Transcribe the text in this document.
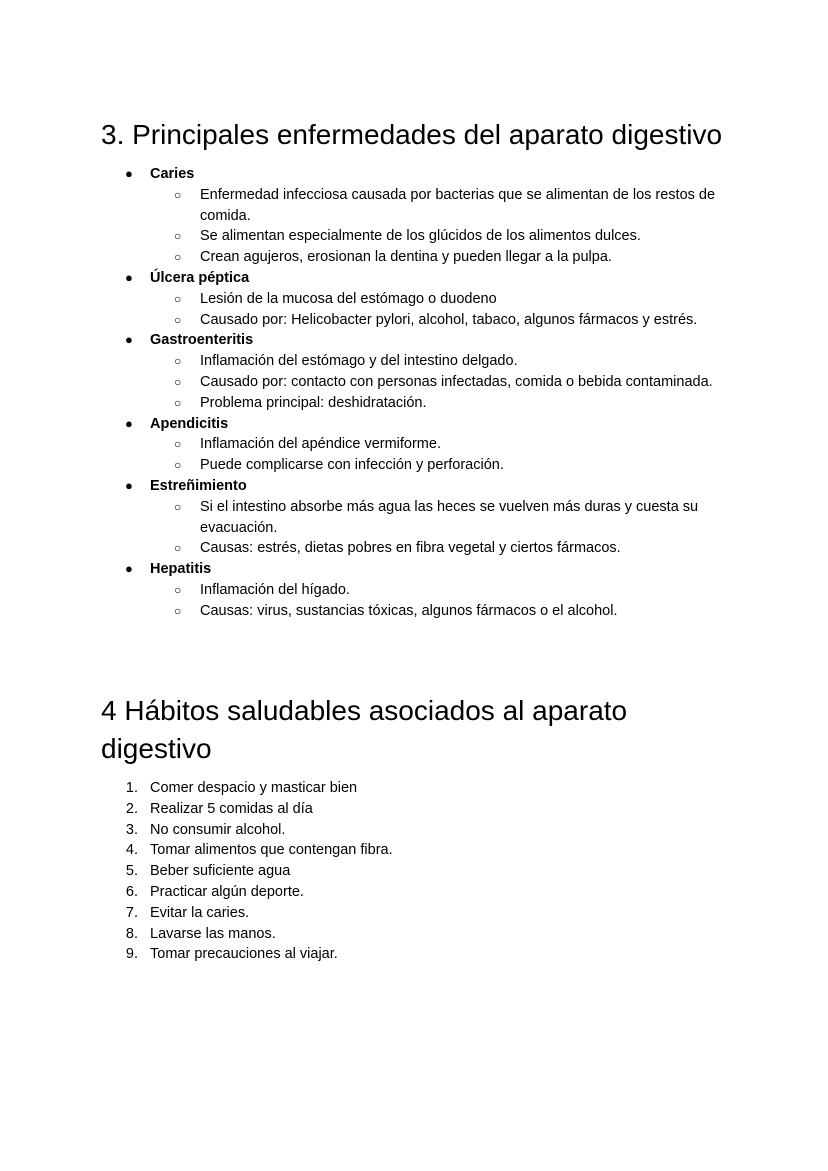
3. Principales enfermedades del aparato digestivo
● Caries
○ Enfermedad infecciosa causada por bacterias que se alimentan de los restos de comida.
○ Se alimentan especialmente de los glúcidos de los alimentos dulces.
○ Crean agujeros, erosionan la dentina y pueden llegar a la pulpa.
● Úlcera péptica
○ Lesión de la mucosa del estómago o duodeno
○ Causado por: Helicobacter pylori, alcohol, tabaco, algunos fármacos y estrés.
● Gastroenteritis
○ Inflamación del estómago y del intestino delgado.
○ Causado por: contacto con personas infectadas, comida o bebida contaminada.
○ Problema principal: deshidratación.
● Apendicitis
○ Inflamación del apéndice vermiforme.
○ Puede complicarse con infección y perforación.
● Estreñimiento
○ Si el intestino absorbe más agua las heces se vuelven más duras y cuesta su evacuación.
○ Causas: estrés, dietas pobres en fibra vegetal y ciertos fármacos.
● Hepatitis
○ Inflamación del hígado.
○ Causas: virus, sustancias tóxicas, algunos fármacos o el alcohol.
4 Hábitos saludables asociados al aparato digestivo
1. Comer despacio y masticar bien
2. Realizar 5 comidas al día
3. No consumir alcohol.
4. Tomar alimentos que contengan fibra.
5. Beber suficiente agua
6. Practicar algún deporte.
7. Evitar la caries.
8. Lavarse las manos.
9. Tomar precauciones al viajar.
